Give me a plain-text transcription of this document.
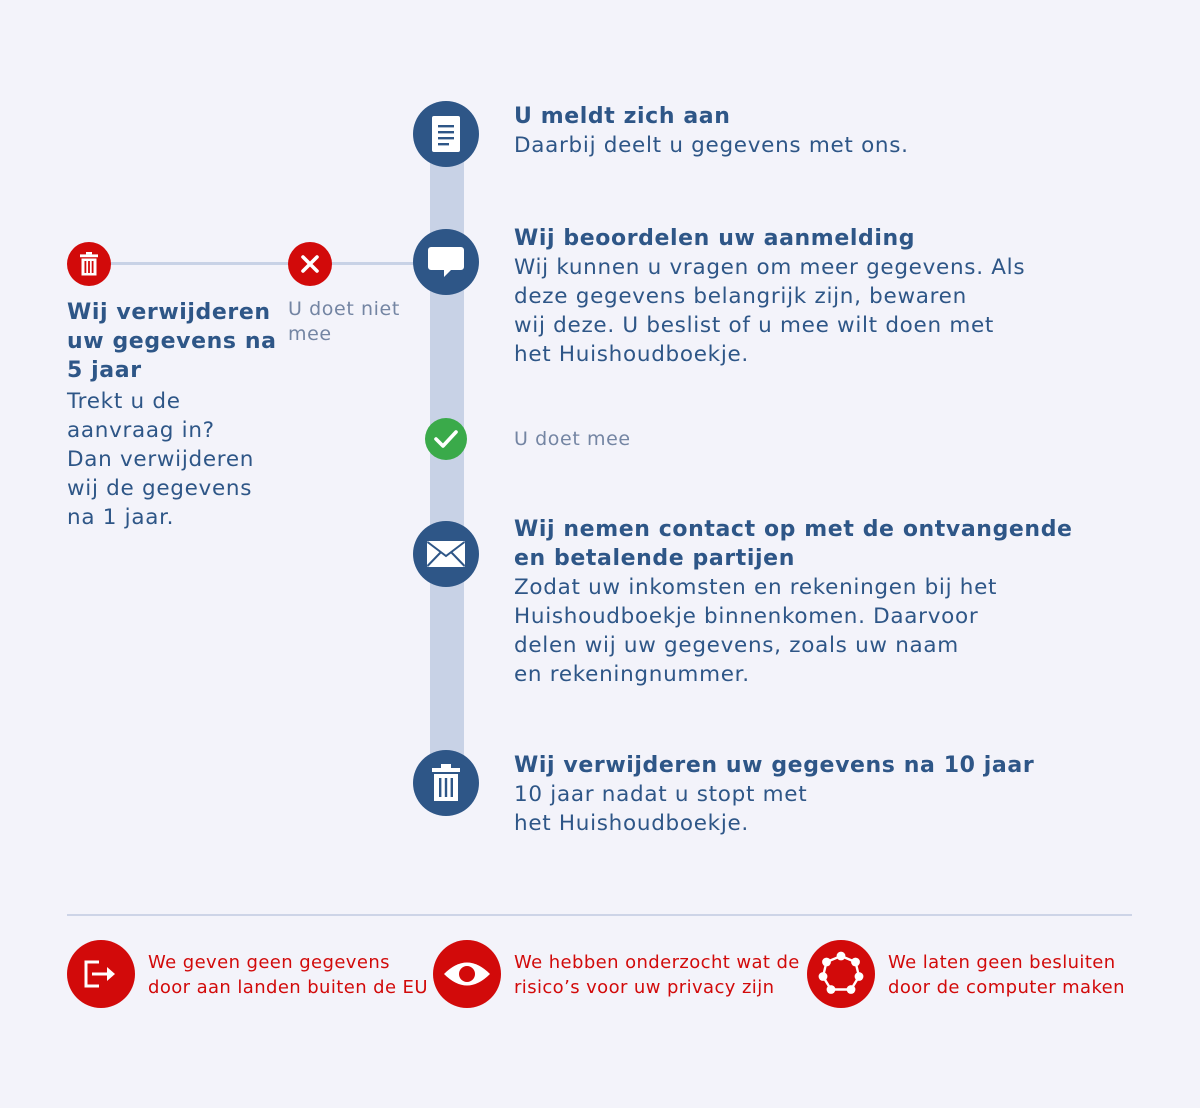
U meldt zich aan

Daarbij deelt u gegevens met ons.

Wij beoordelen uw aanmelding

Wij kunnen u vragen om meer gegevens. Als

deze gegevens belangrijk zijn, bewaren

wij deze. U beslist of u mee wilt doen met

het Huishoudboekje.

U doet mee

Wij nemen contact op met de ontvangende

en betalende partijen

Zodat uw inkomsten en rekeningen bij het

Huishoudboekje binnenkomen. Daarvoor

delen wij uw gegevens, zoals uw naam

en rekeningnummer.

Wij verwijderen uw gegevens na 10 jaar

10 jaar nadat u stopt met

het Huishoudboekje.

U doet niet

mee

Wij verwijderen

uw gegevens na

5 jaar

Trekt u de

aanvraag in?

Dan verwijderen

wij de gegevens

na 1 jaar.

We geven geen gegevens

door aan landen buiten de EU

We hebben onderzocht wat de

risico’s voor uw privacy zijn

We laten geen besluiten

door de computer maken
